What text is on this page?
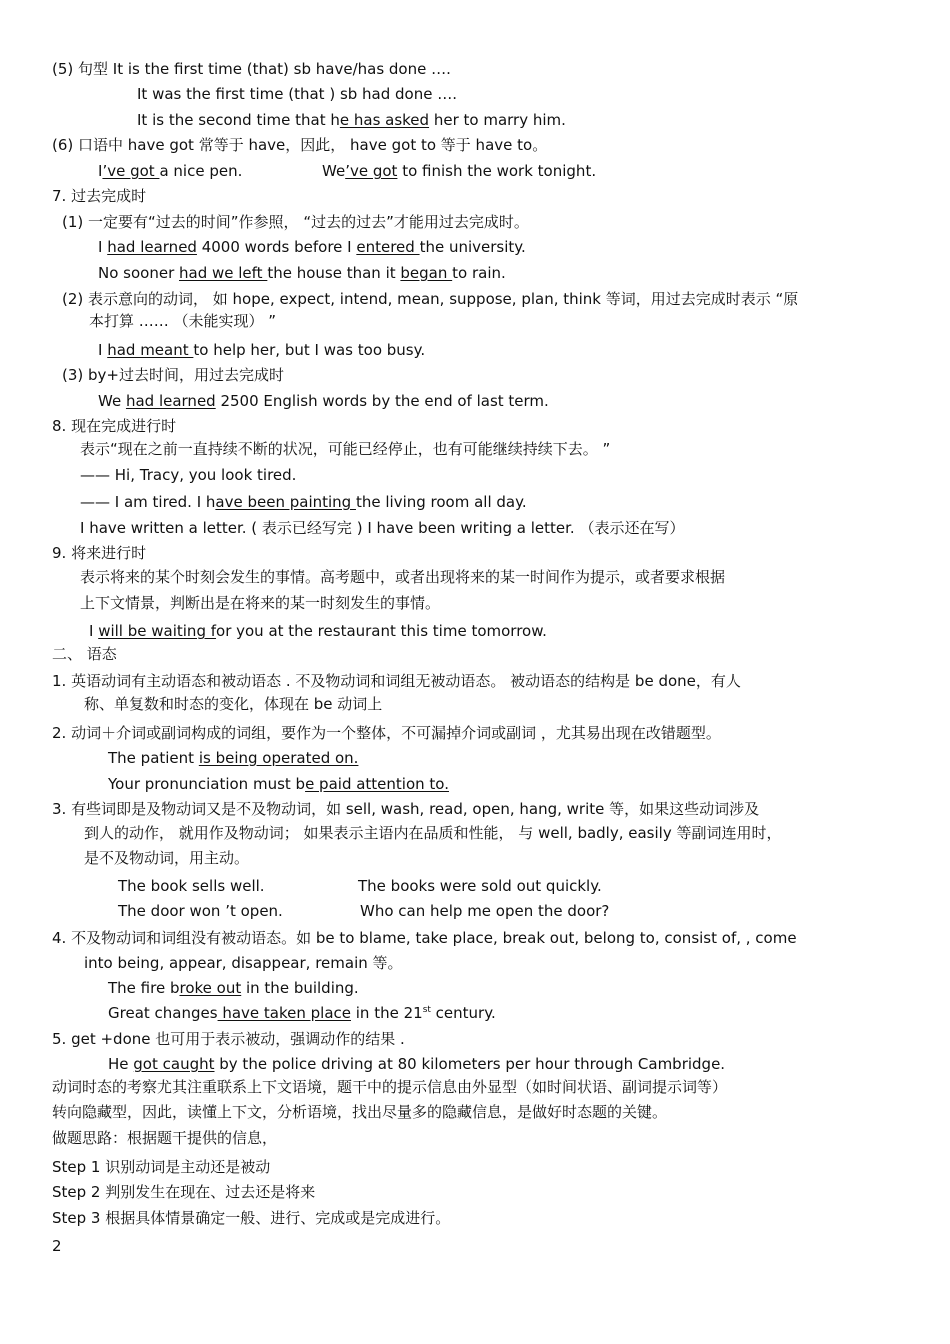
(5) 句型 It is the first time (that) sb have/has done ….
It was the first time (that ) sb had done ….
It is the second time that he has asked her to marry him.
(6) 口语中 have got 常等于 have，因此， have got to 等于 have to。
I’ve got a nice pen.	We’ve got to finish the work tonight.
7. 过去完成时
(1) 一定要有“过去的时间”作参照， “过去的过去”才能用过去完成时。
I had learned 4000 words before I entered the university.
No sooner had we left the house than it began to rain.
(2) 表示意向的动词， 如 hope, expect, intend, mean, suppose, plan, think 等词，用过去完成时表示 “原
本打算 …… （未能实现） ”
I had meant to help her, but I was too busy.
(3) by+过去时间，用过去完成时
We had learned 2500 English words by the end of last term.
8. 现在完成进行时
表示“现在之前一直持续不断的状况，可能已经停止，也有可能继续持续下去。 ”
—— Hi, Tracy, you look tired.
—— I am tired. I have been painting the living room all day.
I have written a letter. ( 表示已经写完 ) I have been writing a letter. （表示还在写）
9. 将来进行时
表示将来的某个时刻会发生的事情。高考题中，或者出现将来的某一时间作为提示，或者要求根据
上下文情景，判断出是在将来的某一时刻发生的事情。
I will be waiting for you at the restaurant this time tomorrow.
二、 语态
1. 英语动词有主动语态和被动语态 . 不及物动词和词组无被动语态。 被动语态的结构是 be done，有人
称、单复数和时态的变化，体现在 be 动词上
2. 动词＋介词或副词构成的词组，要作为一个整体，不可漏掉介词或副词 ，尤其易出现在改错题型。
The patient is being operated on.
Your pronunciation must be paid attention to.
3. 有些词即是及物动词又是不及物动词，如 sell, wash, read, open, hang, write 等，如果这些动词涉及
到人的动作， 就用作及物动词； 如果表示主语内在品质和性能， 与 well, badly, easily 等副词连用时，
是不及物动词，用主动。
The book sells well.	The books were sold out quickly.
The door won ’t open.	Who can help me open the door?
4. 不及物动词和词组没有被动语态。如 be to blame, take place, break out, belong to, consist of, , come
into being, appear, disappear, remain 等。
The fire broke out in the building.
Great changes have taken place in the 21st century.
5. get +done 也可用于表示被动，强调动作的结果 .
He got caught by the police driving at 80 kilometers per hour through Cambridge.
动词时态的考察尤其注重联系上下文语境，题干中的提示信息由外显型（如时间状语、副词提示词等）
转向隐藏型，因此，读懂上下文，分析语境，找出尽量多的隐藏信息，是做好时态题的关键。
做题思路：根据题干提供的信息，
Step 1 识别动词是主动还是被动
Step 2 判别发生在现在、过去还是将来
Step 3 根据具体情景确定一般、进行、完成或是完成进行。
2
